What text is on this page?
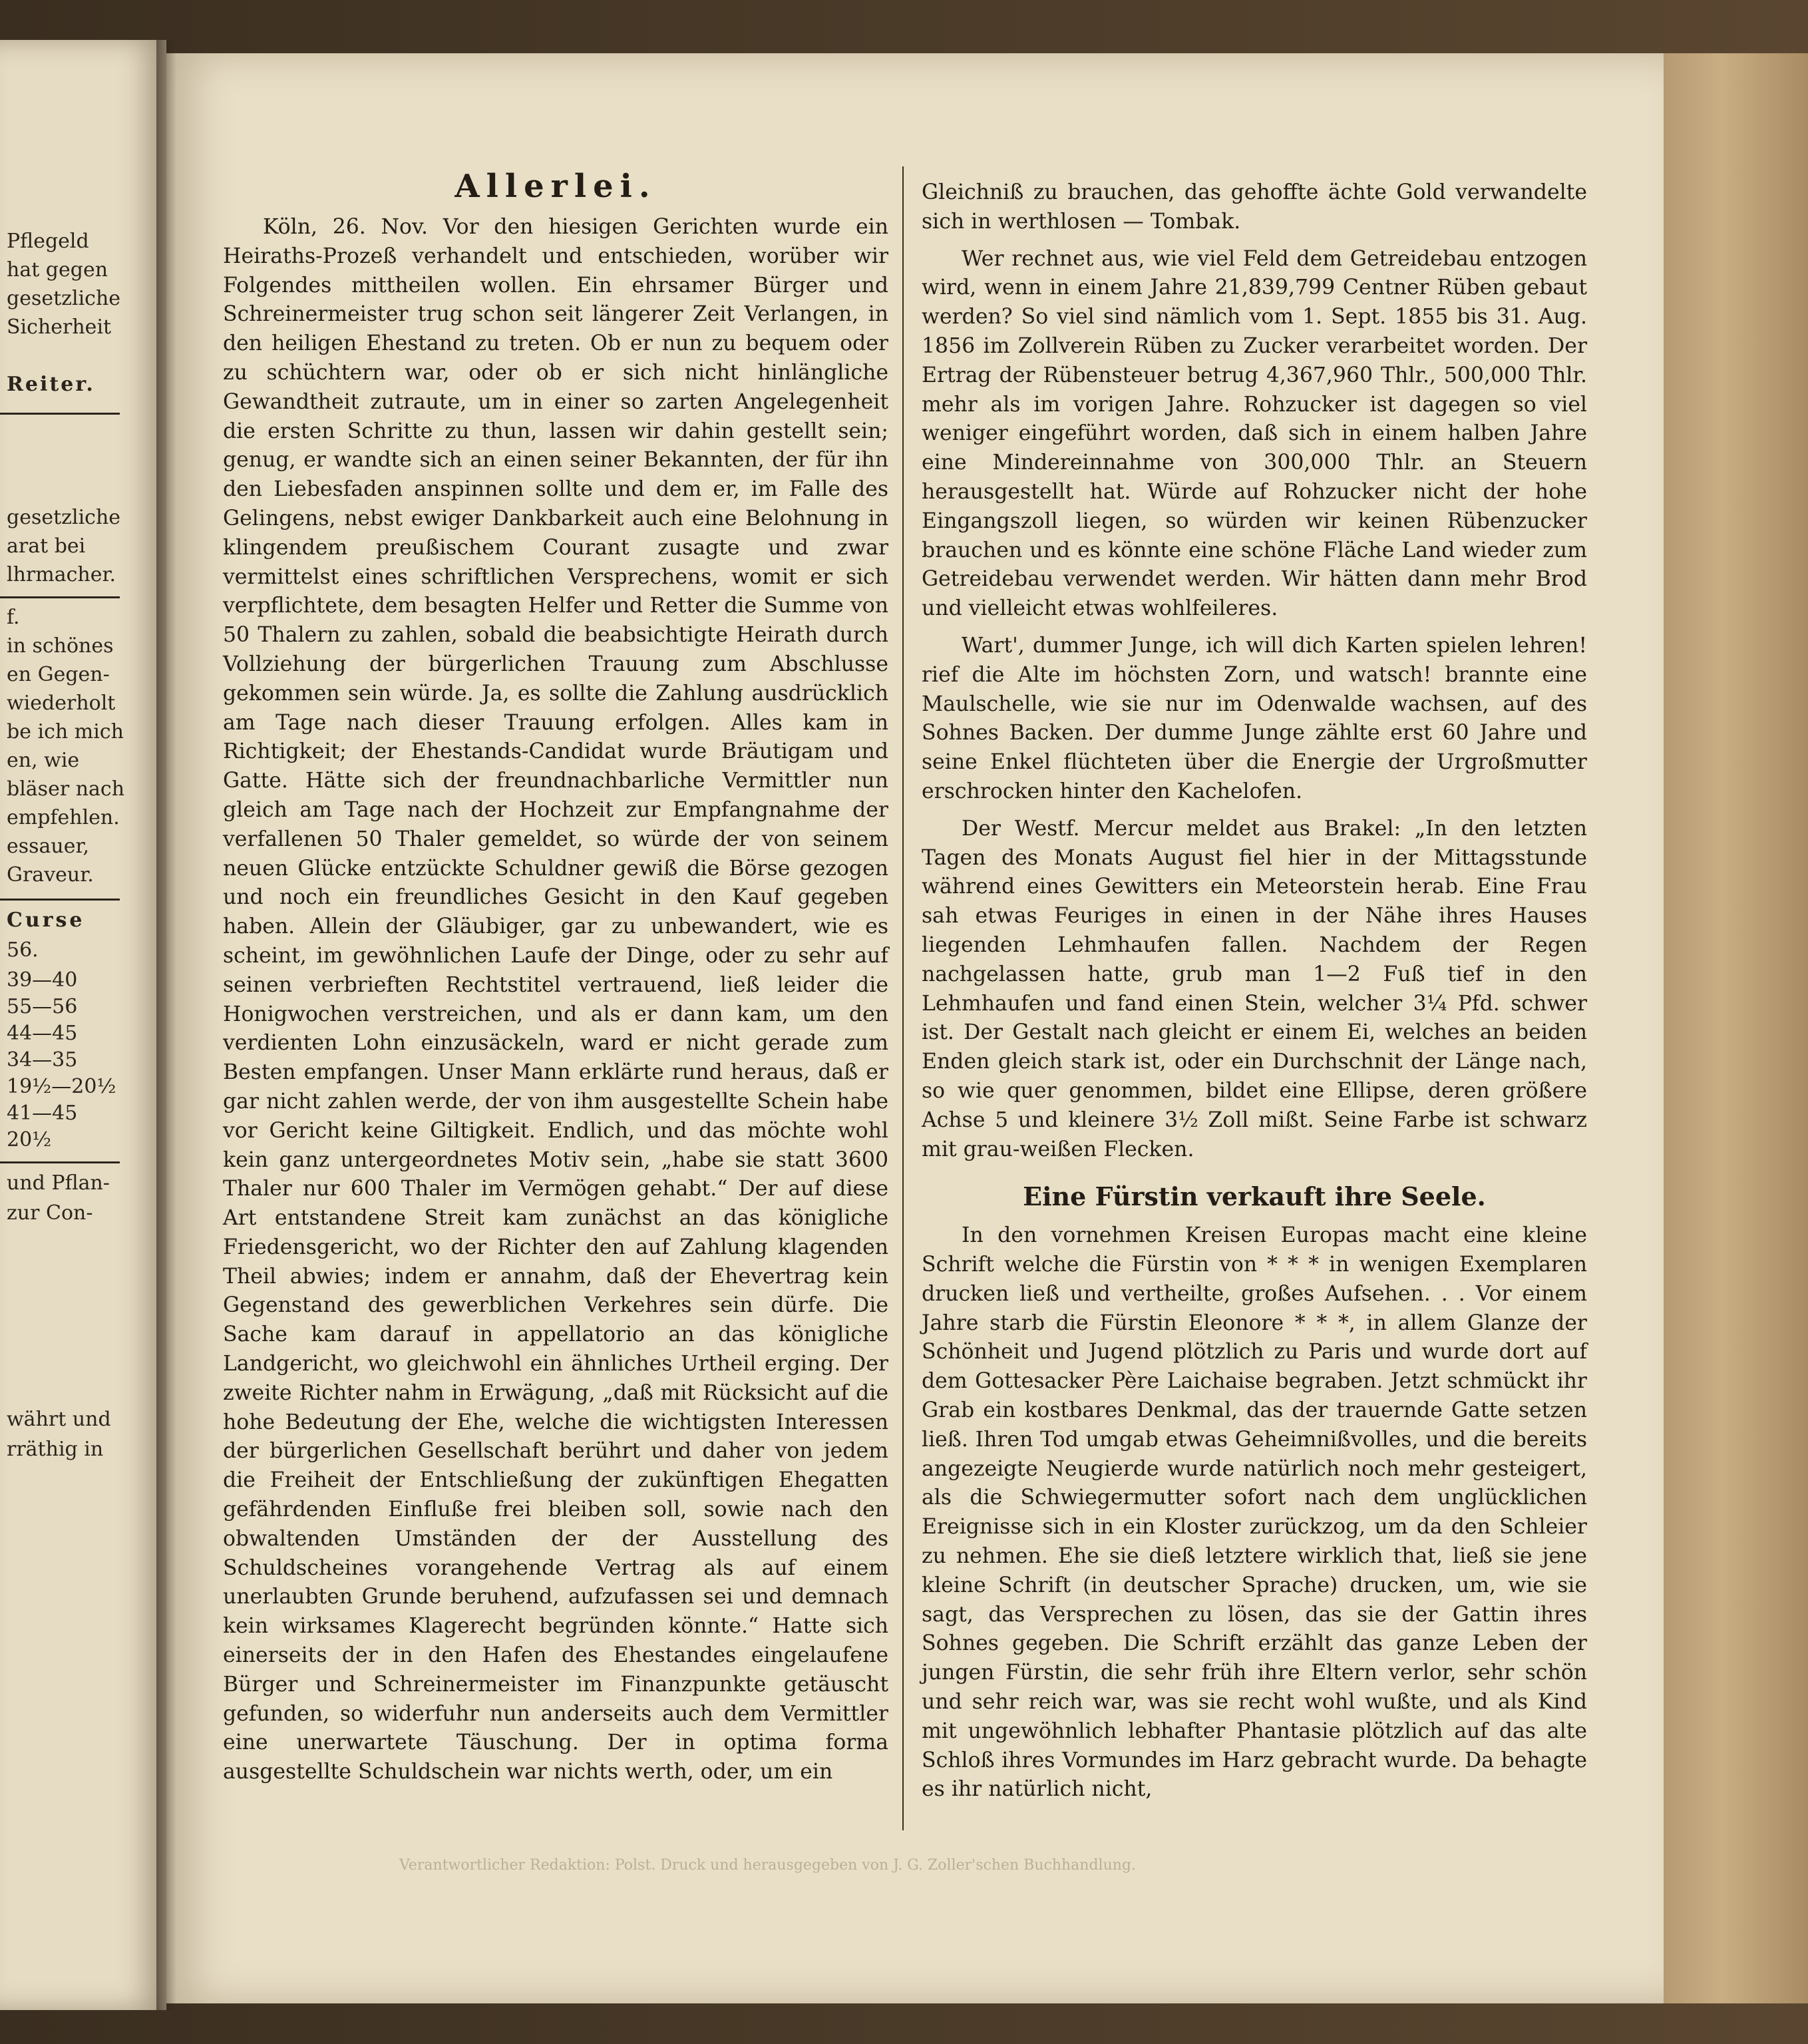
Pflegeld
hat gegen
gesetzliche
Sicherheit
Reiter.
gesetzliche
arat bei
lhrmacher.
f.
in schönes
en Gegen-
wiederholt
be ich mich
en, wie
bläser nach
empfehlen.
essauer,
Graveur.
Curse
56.
39—40
55—56
44—45
34—35
19½—20½
41—45
20½
und Pflan-
zur Con-
währt und
rräthig in
Allerlei.

Köln, 26. Nov. Vor den hiesigen Gerichten wurde ein Heiraths-Prozeß verhandelt und entschieden, worüber wir Folgendes mittheilen wollen. Ein ehrsamer Bürger und Schreinermeister trug schon seit längerer Zeit Verlangen, in den heiligen Ehestand zu treten. Ob er nun zu bequem oder zu schüchtern war, oder ob er sich nicht hinlängliche Gewandtheit zutraute, um in einer so zarten Angelegenheit die ersten Schritte zu thun, lassen wir dahin gestellt sein; genug, er wandte sich an einen seiner Bekannten, der für ihn den Liebesfaden anspinnen sollte und dem er, im Falle des Gelingens, nebst ewiger Dankbarkeit auch eine Belohnung in klingendem preußischem Courant zusagte und zwar vermittelst eines schriftlichen Versprechens, womit er sich verpflichtete, dem besagten Helfer und Retter die Summe von 50 Thalern zu zahlen, sobald die beabsichtigte Heirath durch Vollziehung der bürgerlichen Trauung zum Abschlusse gekommen sein würde. Ja, es sollte die Zahlung ausdrücklich am Tage nach dieser Trauung erfolgen. Alles kam in Richtigkeit; der Ehestands-Candidat wurde Bräutigam und Gatte. Hätte sich der freundnachbarliche Vermittler nun gleich am Tage nach der Hochzeit zur Empfangnahme der verfallenen 50 Thaler gemeldet, so würde der von seinem neuen Glücke entzückte Schuldner gewiß die Börse gezogen und noch ein freundliches Gesicht in den Kauf gegeben haben. Allein der Gläubiger, gar zu unbewandert, wie es scheint, im gewöhnlichen Laufe der Dinge, oder zu sehr auf seinen verbrieften Rechtstitel vertrauend, ließ leider die Honigwochen verstreichen, und als er dann kam, um den verdienten Lohn einzusäckeln, ward er nicht gerade zum Besten empfangen. Unser Mann erklärte rund heraus, daß er gar nicht zahlen werde, der von ihm ausgestellte Schein habe vor Gericht keine Giltigkeit. Endlich, und das möchte wohl kein ganz untergeordnetes Motiv sein, „habe sie statt 3600 Thaler nur 600 Thaler im Vermögen gehabt.“ Der auf diese Art entstandene Streit kam zunächst an das königliche Friedensgericht, wo der Richter den auf Zahlung klagenden Theil abwies; indem er annahm, daß der Ehevertrag kein Gegenstand des gewerblichen Verkehres sein dürfe. Die Sache kam darauf in appellatorio an das königliche Landgericht, wo gleichwohl ein ähnliches Urtheil erging. Der zweite Richter nahm in Erwägung, „daß mit Rücksicht auf die hohe Bedeutung der Ehe, welche die wichtigsten Interessen der bürgerlichen Gesellschaft berührt und daher von jedem die Freiheit der Entschließung der zukünftigen Ehegatten gefährdenden Einfluße frei bleiben soll, sowie nach den obwaltenden Umständen der der Ausstellung des Schuldscheines vorangehende Vertrag als auf einem unerlaubten Grunde beruhend, aufzufassen sei und demnach kein wirksames Klagerecht begründen könnte.“ Hatte sich einerseits der in den Hafen des Ehestandes eingelaufene Bürger und Schreinermeister im Finanzpunkte getäuscht gefunden, so widerfuhr nun anderseits auch dem Vermittler eine unerwartete Täuschung. Der in optima forma ausgestellte Schuldschein war nichts werth, oder, um ein

Gleichniß zu brauchen, das gehoffte ächte Gold verwandelte sich in werthlosen — Tombak.

Wer rechnet aus, wie viel Feld dem Getreidebau entzogen wird, wenn in einem Jahre 21,839,799 Centner Rüben gebaut werden? So viel sind nämlich vom 1. Sept. 1855 bis 31. Aug. 1856 im Zollverein Rüben zu Zucker verarbeitet worden. Der Ertrag der Rübensteuer betrug 4,367,960 Thlr., 500,000 Thlr. mehr als im vorigen Jahre. Rohzucker ist dagegen so viel weniger eingeführt worden, daß sich in einem halben Jahre eine Mindereinnahme von 300,000 Thlr. an Steuern herausgestellt hat. Würde auf Rohzucker nicht der hohe Eingangszoll liegen, so würden wir keinen Rübenzucker brauchen und es könnte eine schöne Fläche Land wieder zum Getreidebau verwendet werden. Wir hätten dann mehr Brod und vielleicht etwas wohlfeileres.

Wart', dummer Junge, ich will dich Karten spielen lehren! rief die Alte im höchsten Zorn, und watsch! brannte eine Maulschelle, wie sie nur im Odenwalde wachsen, auf des Sohnes Backen. Der dumme Junge zählte erst 60 Jahre und seine Enkel flüchteten über die Energie der Urgroßmutter erschrocken hinter den Kachelofen.

Der Westf. Mercur meldet aus Brakel: „In den letzten Tagen des Monats August fiel hier in der Mittagsstunde während eines Gewitters ein Meteorstein herab. Eine Frau sah etwas Feuriges in einen in der Nähe ihres Hauses liegenden Lehmhaufen fallen. Nachdem der Regen nachgelassen hatte, grub man 1—2 Fuß tief in den Lehmhaufen und fand einen Stein, welcher 3¼ Pfd. schwer ist. Der Gestalt nach gleicht er einem Ei, welches an beiden Enden gleich stark ist, oder ein Durchschnit der Länge nach, so wie quer genommen, bildet eine Ellipse, deren größere Achse 5 und kleinere 3½ Zoll mißt. Seine Farbe ist schwarz mit grau-weißen Flecken.

Eine Fürstin verkauft ihre Seele.

In den vornehmen Kreisen Europas macht eine kleine Schrift welche die Fürstin von * * * in wenigen Exemplaren drucken ließ und vertheilte, großes Aufsehen. . . Vor einem Jahre starb die Fürstin Eleonore * * *, in allem Glanze der Schönheit und Jugend plötzlich zu Paris und wurde dort auf dem Gottesacker Père Laichaise begraben. Jetzt schmückt ihr Grab ein kostbares Denkmal, das der trauernde Gatte setzen ließ. Ihren Tod umgab etwas Geheimnißvolles, und die bereits angezeigte Neugierde wurde natürlich noch mehr gesteigert, als die Schwiegermutter sofort nach dem unglücklichen Ereignisse sich in ein Kloster zurückzog, um da den Schleier zu nehmen. Ehe sie dieß letztere wirklich that, ließ sie jene kleine Schrift (in deutscher Sprache) drucken, um, wie sie sagt, das Versprechen zu lösen, das sie der Gattin ihres Sohnes gegeben. Die Schrift erzählt das ganze Leben der jungen Fürstin, die sehr früh ihre Eltern verlor, sehr schön und sehr reich war, was sie recht wohl wußte, und als Kind mit ungewöhnlich lebhafter Phantasie plötzlich auf das alte Schloß ihres Vormundes im Harz gebracht wurde. Da behagte es ihr natürlich nicht,

Verantwortlicher Redaktion: Polst. Druck und herausgegeben von J. G. Zoller'schen Buchhandlung.
